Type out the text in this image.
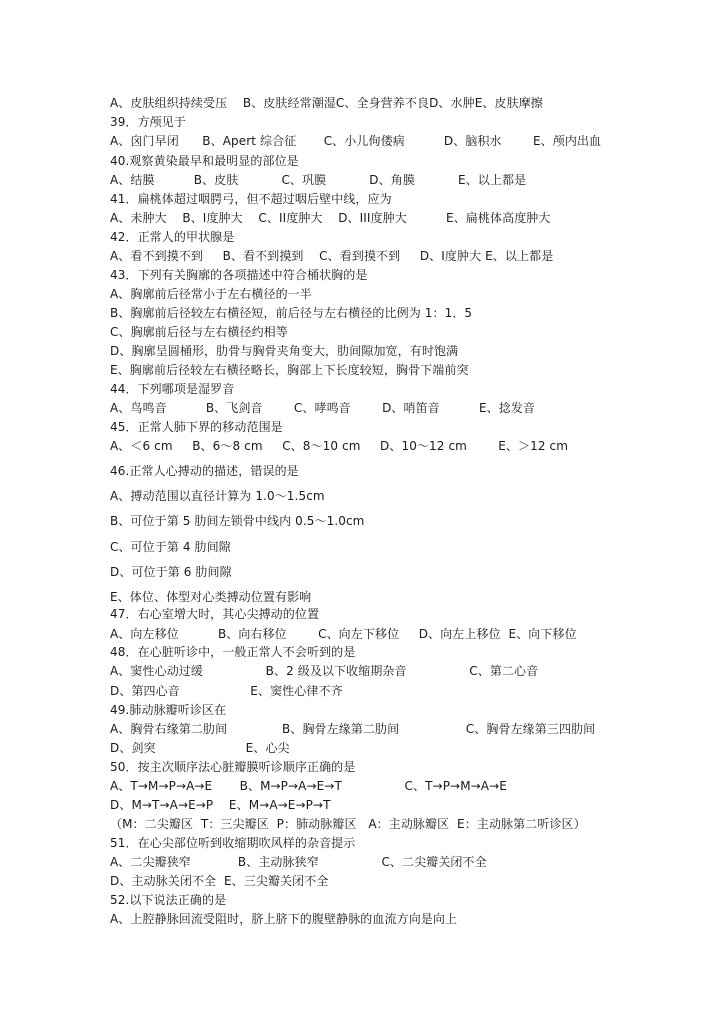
A、皮肤组织持续受压    B、皮肤经常潮湿C、全身营养不良D、水肿E、皮肤摩擦
39．方颅见于
A、囟门早闭      B、Apert 综合征       C、小儿佝偻病          D、脑积水        E、颅内出血
40.观察黄染最早和最明显的部位是
A、结膜          B、皮肤           C、巩膜           D、角膜           E、以上都是
41．扁桃体超过咽腭弓，但不超过咽后壁中线，应为
A、未肿大    B、I度肿大    C、II度肿大    D、III度肿大          E、扁桃体高度肿大
42．正常人的甲状腺是
A、看不到摸不到     B、看不到摸到    C、看到摸不到     D、I度肿大 E、以上都是
43．下列有关胸廓的各项描述中符合桶状胸的是
A、胸廓前后径常小于左右横径的一半
B、胸廓前后径较左右横径短，前后径与左右横径的比例为 1：1．5
C、胸廓前后径与左右横径约相等
D、胸廓呈圆桶形，肋骨与胸骨夹角变大，肋间隙加宽，有时饱满
E、胸廓前后径较左右横径略长，胸部上下长度较短，胸骨下端前突
44．下列哪项是湿罗音
A、鸟鸣音          B、飞剑音        C、哮鸣音        D、哨笛音          E、捻发音
45．正常人肺下界的移动范围是
A、＜6 cm     B、6～8 cm     C、8～10 cm     D、10～12 cm        E、＞12 cm
46.正常人心搏动的描述，错误的是
A、搏动范围以直径计算为 1.0～1.5cm
B、可位于第 5 肋间左锁骨中线内 0.5～1.0cm
C、可位于第 4 肋间隙
D、可位于第 6 肋间隙
E、体位、体型对心类搏动位置有影响
47．右心室增大时，其心尖搏动的位置
A、向左移位          B、向右移位        C、向左下移位     D、向左上移位  E、向下移位
48．在心脏听诊中，一般正常人不会听到的是
A、窦性心动过缓                B、2 级及以下收缩期杂音                C、第二心音
D、第四心音                  E、窦性心律不齐
49.肺动脉瓣听诊区在
A、胸骨右缘第二肋间              B、胸骨左缘第二肋间                 C、胸骨左缘第三四肋间
D、剑突                       E、心尖
50．按主次顺序法心脏瓣膜听诊顺序正确的是
A、T→M→P→A→E       B、M→P→A→E→T                C、T→P→M→A→E
D、M→T→A→E→P    E、M→A→E→P→T
（M：二尖瓣区  T：三尖瓣区  P：肺动脉瓣区   A：主动脉瓣区  E：主动脉第二听诊区）
51．在心尖部位听到收缩期吹风样的杂音提示
A、二尖瓣狭窄            B、主动脉狭窄                C、二尖瓣关闭不全
D、主动脉关闭不全  E、三尖瓣关闭不全
52.以下说法正确的是
A、上腔静脉回流受阻时，脐上脐下的腹壁静脉的血流方向是向上
